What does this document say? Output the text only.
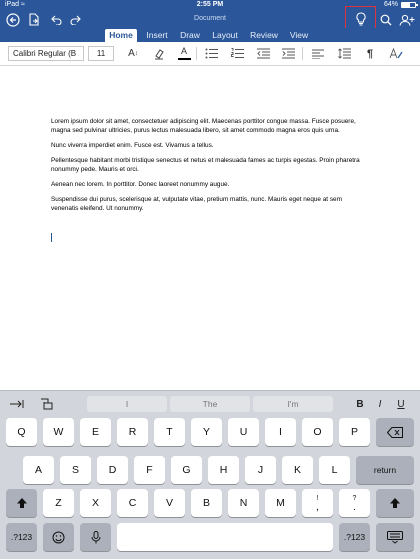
iPad ≈	2:55 PM	64%
Document
Home	Insert	Draw	Layout Review	View
Calibri Regular (B	11	A ↕	A	¶

Lorem ipsum dolor sit amet, consectetuer adipiscing elit. Maecenas porttitor congue massa. Fusce posuere, magna sed pulvinar ultricies, purus lectus malesuada libero, sit amet commodo magna eros quis urna.

Nunc viverra imperdiet enim. Fusce est. Vivamus a tellus.

Pellentesque habitant morbi tristique senectus et netus et malesuada fames ac turpis egestas. Proin pharetra nonummy pede. Mauris et orci.

Aenean nec lorem. In porttitor. Donec laoreet nonummy augue.

Suspendisse dui purus, scelerisque at, vulputate vitae, pretium mattis, nunc. Mauris eget neque at sem venenatis eleifend. Ut nonummy.

I	The	I'm	B	I	U
Q	W	E	R	T	Y	U	I	O	P
A	S	D	F	G	H	J	K	L	return
Z	X	C	V	B	N	M	!
,
?
.
.?123	.?123
